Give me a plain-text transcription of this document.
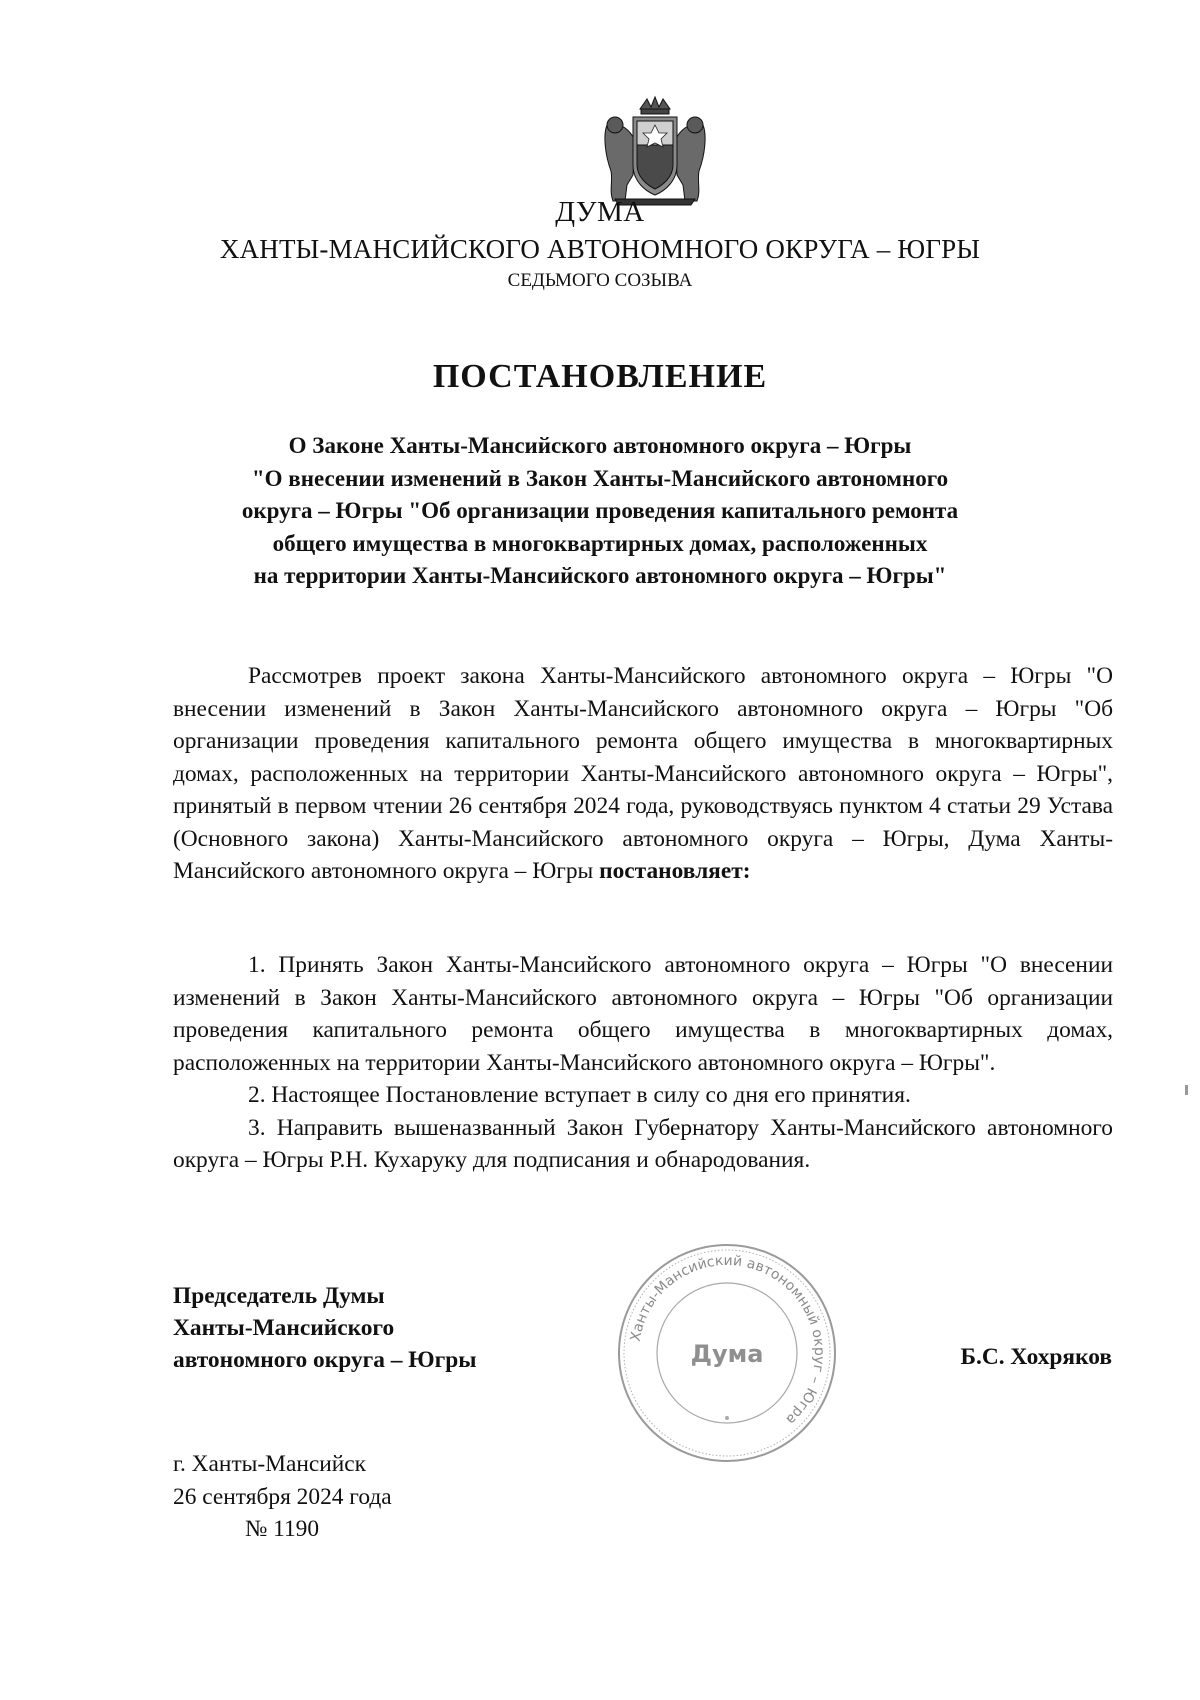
ДУМА
ХАНТЫ-МАНСИЙСКОГО АВТОНОМНОГО ОКРУГА – ЮГРЫ
СЕДЬМОГО СОЗЫВА
ПОСТАНОВЛЕНИЕ
О Законе Ханты-Мансийского автономного округа – Югры
"О внесении изменений в Закон Ханты-Мансийского автономного
округа – Югры "Об организации проведения капитального ремонта
общего имущества в многоквартирных домах, расположенных
на территории Ханты-Мансийского автономного округа – Югры"

Рассмотрев проект закона Ханты-Мансийского автономного округа – Югры "О внесении изменений в Закон Ханты-Мансийского автономного округа – Югры "Об организации проведения капитального ремонта общего имущества в многоквартирных домах, расположенных на территории Ханты-Мансийского автономного округа – Югры", принятый в первом чтении 26 сентября 2024 года, руководствуясь пунктом 4 статьи 29 Устава (Основного закона) Ханты-Мансийского автономного округа – Югры, Дума Ханты-Мансийского автономного округа – Югры постановляет:

1. Принять Закон Ханты-Мансийского автономного округа – Югры "О внесении изменений в Закон Ханты-Мансийского автономного округа – Югры "Об организации проведения капитального ремонта общего имущества в многоквартирных домах, расположенных на территории Ханты-Мансийского автономного округа – Югры".

2. Настоящее Постановление вступает в силу со дня его принятия.

3. Направить вышеназванный Закон Губернатору Ханты-Мансийского автономного округа – Югры Р.Н. Кухаруку для подписания и обнародования.

Председатель Думы
Ханты-Мансийского
автономного округа – Югры
Ханты-Мансийский автономный округ – Югра
Дума	Б.С. Хохряков
г. Ханты-Мансийск
26 сентября 2024 года
№ 1190
